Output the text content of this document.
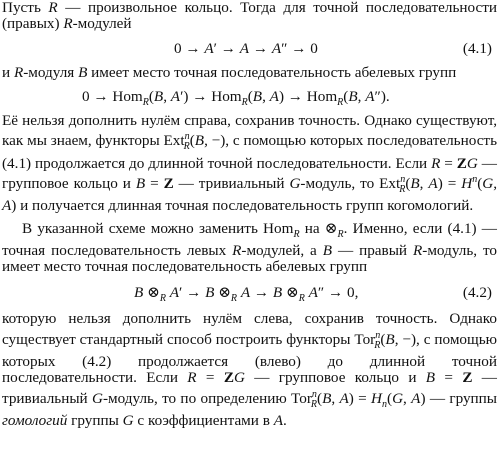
Пусть R — произвольное кольцо. Тогда для точной последовательности (правых) R-модулей

0 → A′ → A → A″ → 0	(4.1)

и R-модуля B имеет место точная последовательность абелевых групп

0 → Hom$_R$(B, A′) → Hom$_R$(B, A) → Hom$_R$(B, A″).

Её нельзя дополнить нулём справа, сохранив точность. Однако существуют, как мы знаем, функторы Ext$^n_R$(B, −), с помощью которых последовательность (4.1) продолжается до длинной точной последовательности. Если R = ZG — групповое кольцо и B = Z — тривиальный G-модуль, то Ext$^n_R$(B, $A) = H^n(G$, A) и получается длинная точная последовательность групп когомологий.

В указанной схеме можно заменить Hom$_R$ на $\otimes_R$. Именно, если (4.1) — точная последовательность левых R-модулей, а B — правый R-модуль, то имеет место точная последовательность абелевых групп

B $\otimes_R$ A′ → B $\otimes_R$ A → B $\otimes_R$ A″ → 0,	(4.2)

которую нельзя дополнить нулём слева, сохранив точность. Однако существует стандартный способ построить функторы Tor$^n_R$(B, −), с помощью которых (4.2) продолжается (влево) до длинной точной последовательности. Если R = ZG — групповое кольцо и B = Z — тривиальный G-модуль, то по определению Tor$^n_R$(B, $A) = H_n(G$, A) — группы гомологий группы G с коэффициентами в A.
